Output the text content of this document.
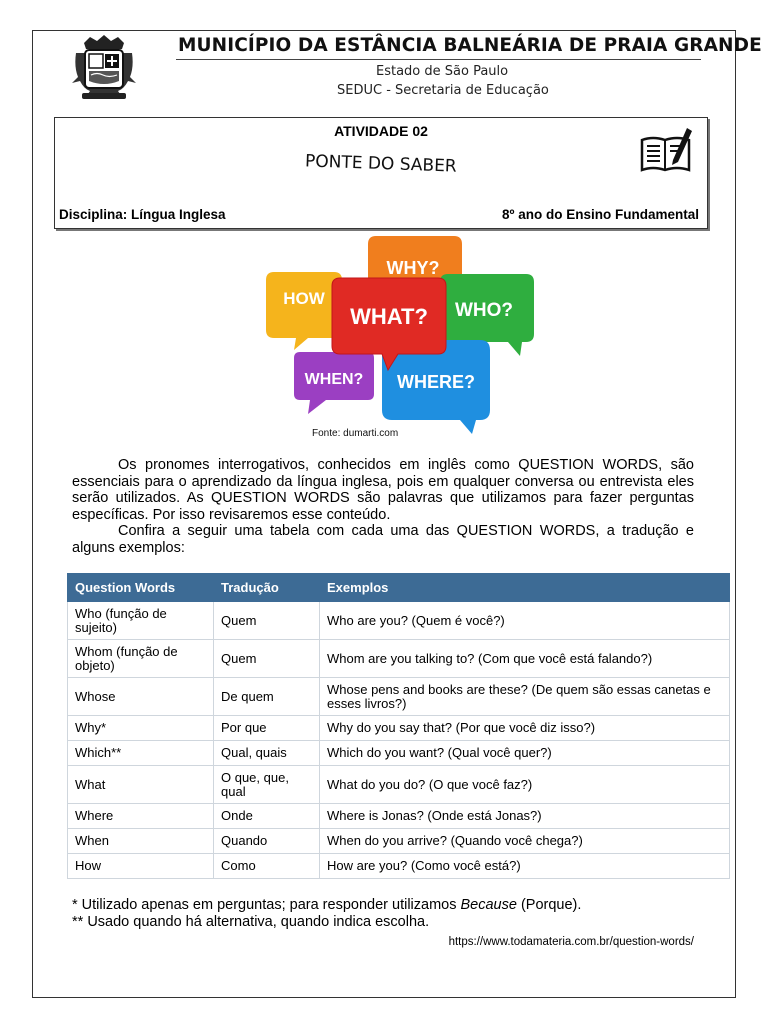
MUNICÍPIO DA ESTÂNCIA BALNEÁRIA DE PRAIA GRANDE
Estado de São Paulo
SEDUC - Secretaria de Educação
ATIVIDADE 02
PONTE DO SABER
Disciplina: Língua Inglesa	8º ano do Ensino Fundamental
WHY?
HOW
WHO?
WHEN? WHERE?
WHAT?
Fonte: dumarti.com

Os pronomes interrogativos, conhecidos em inglês como QUESTION WORDS, são essenciais para o aprendizado da língua inglesa, pois em qualquer conversa ou entrevista eles serão utilizados. As QUESTION WORDS são palavras que utilizamos para fazer perguntas específicas. Por isso revisaremos esse conteúdo.

Confira a seguir uma tabela com cada uma das QUESTION WORDS, a tradução e alguns exemplos:

Question Words	Tradução	Exemplos
Who (função de sujeito)	Quem	Who are you? (Quem é você?)
Whom (função de objeto)	Quem	Whom are you talking to? (Com que você está falando?)
Whose	De quem	Whose pens and books are these? (De quem são essas canetas e esses livros?)
Why*	Por que	Why do you say that? (Por que você diz isso?)
Which**	Qual, quais	Which do you want? (Qual você quer?)
What	O que, que, qual	What do you do? (O que você faz?)
Where	Onde	Where is Jonas? (Onde está Jonas?)
When	Quando	When do you arrive? (Quando você chega?)
How	Como	How are you? (Como você está?)
* Utilizado apenas em perguntas; para responder utilizamos Because (Porque).
** Usado quando há alternativa, quando indica escolha.
https://www.todamateria.com.br/question-words/
